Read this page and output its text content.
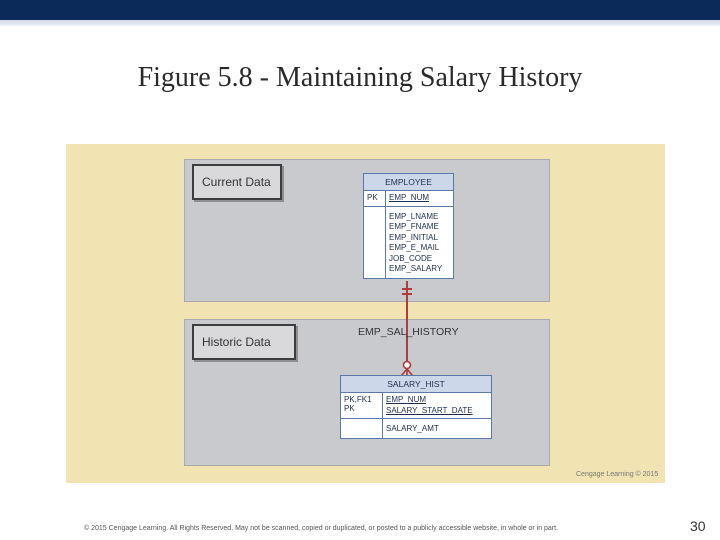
Figure 5.8 - Maintaining Salary History
Current Data
Historic Data
EMPLOYEE
PK	EMP_NUM
EMP_LNAME
EMP_FNAME
EMP_INITIAL
EMP_E_MAIL
JOB_CODE
EMP_SALARY
EMP_SAL_HISTORY
SALARY_HIST
PK,FK1
PK
EMP_NUM
SALARY_START_DATE
SALARY_AMT
Cengage Learning © 2015
© 2015 Cengage Learning. All Rights Reserved. May not be scanned, copied or duplicated, or posted to a publicly accessible website, in whole or in part.	30
